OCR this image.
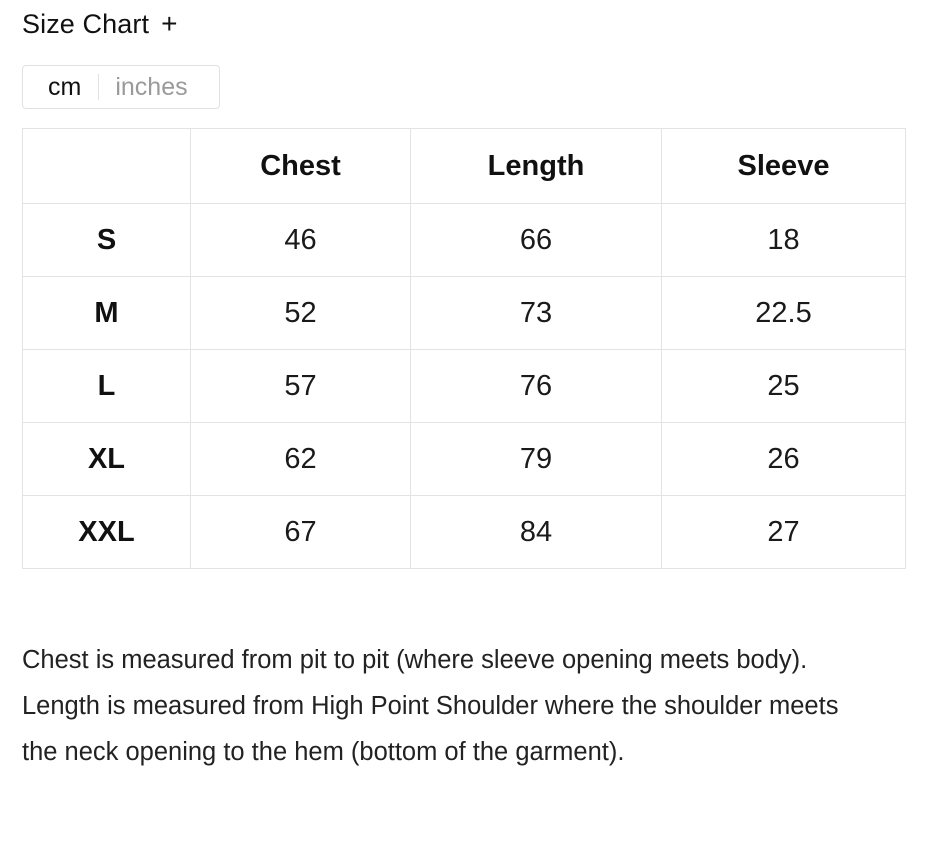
Size Chart +
cm inches
	Chest	Length	Sleeve
S	46	66	18
M	52	73	22.5
L	57	76	25
XL	62	79	26
XXL	67	84	27

Chest is measured from pit to pit (where sleeve opening meets body). Length is measured from High Point Shoulder where the shoulder meets the neck opening to the hem (bottom of the garment).
